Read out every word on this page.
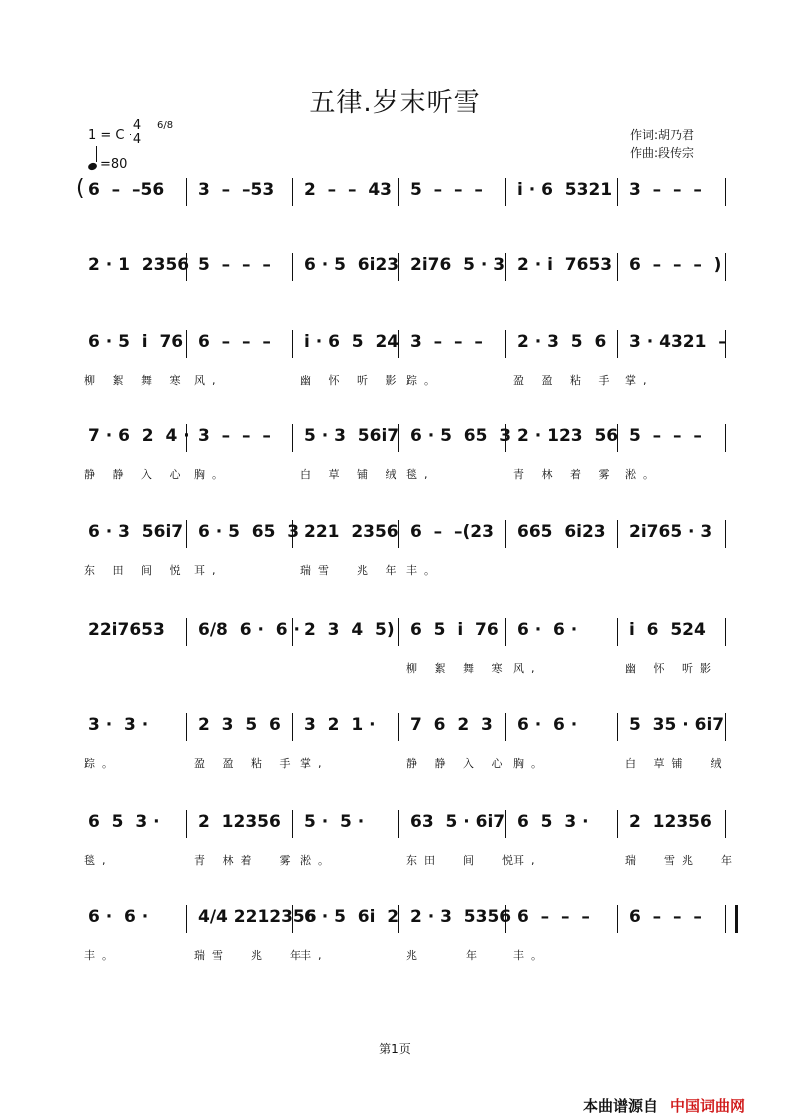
五律.岁末听雪
1 = C
4
4
6/8
=80
作词:胡乃君
作曲:段传宗
( 6  –  –56 3  –  –53 2  –  –  43 5  –  –  – i · 6  5321 3  –  –  –
2 · 1  2356 5  –  –  – 6 · 5  6i23 2i76  5 · 3 2 · i  7653 6  –  –  –  )
6 · 5  i  76 6  –  –  – i · 6  5  24 3  –  –  – 2 · 3  5  6 3 · 4321  –
柳 絮 舞 寒 风,	幽 怀 听 影 踪。	盈 盈 粘 手 掌,
7 · 6  2  4 · 3  –  –  – 5 · 3  56i7 6 · 5  65  3 2 · 123  56 5  –  –  –
静 静 入 心 胸。	白 草 铺 绒 毯,	青 林 着 雾 淞。
6 · 3  56i7 6 · 5  65  3 221  2356 6  –  –(23 665  6i23 2i765 · 3
东 田 间 悦 耳,	瑞雪  兆 年 丰。
22i7653 6/8  6 ·  6 · 2  3  4  5) 6  5  i  76 6 ·  6 ·	i  6  524
柳 絮 舞 寒 风,	幽 怀 听影
3 ·  3 ·	2  3  5  6 3  2  1 · 7  6  2  3 6 ·  6 ·	5  35 · 6i7
踪。	盈 盈 粘 手 掌,	静 静 入 心 胸。	白 草铺  绒
6  5  3 · 2  12356 5 ·  5 ·	63  5 · 6i7 6  5  3 · 2  12356
毯,	青 林着  雾 淞。	东田  间  悦
耳,	瑞  雪兆  年
6 ·  6 ·	4/4 2212356
6 · 5  6i  2 2 · 3  5356 6  –  –  – 6  –  –  –
丰。	瑞雪  兆  年
丰,	兆    年	丰。
第1页
本曲谱源自 中国词曲网
